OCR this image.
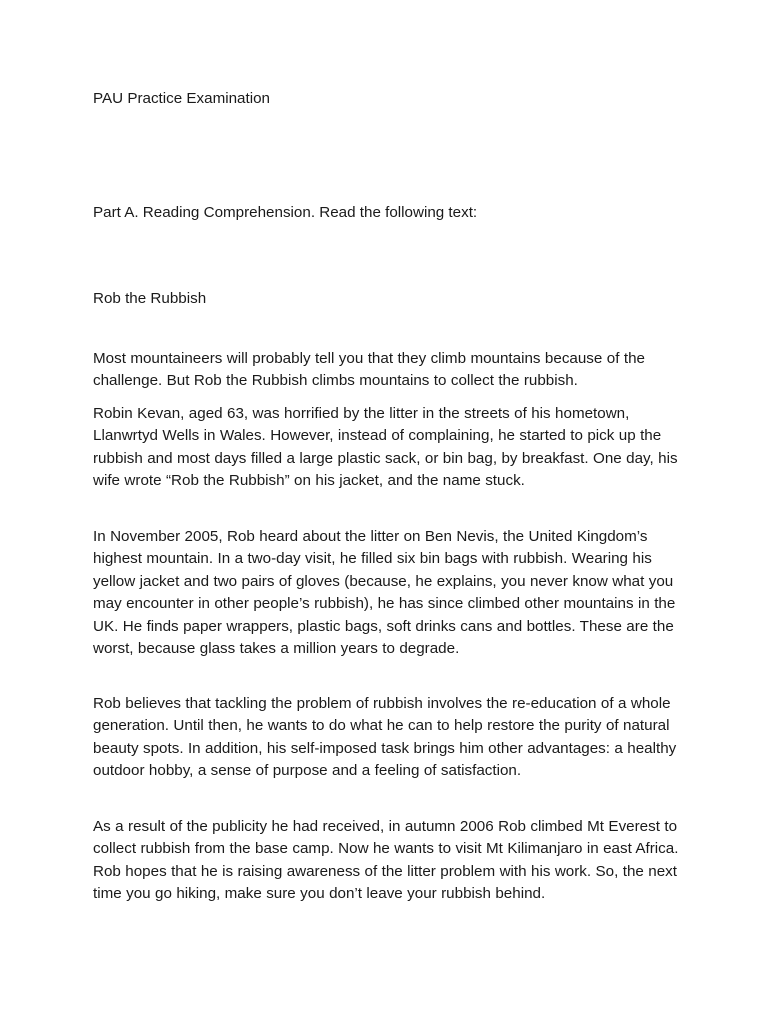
PAU Practice Examination

Part A. Reading Comprehension. Read the following text:

Rob the Rubbish

Most mountaineers will probably tell you that they climb mountains because of the challenge. But Rob the Rubbish climbs mountains to collect the rubbish.

Robin Kevan, aged 63, was horrified by the litter in the streets of his hometown, Llanwrtyd Wells in Wales. However, instead of complaining, he started to pick up the rubbish and most days filled a large plastic sack, or bin bag, by breakfast. One day, his wife wrote “Rob the Rubbish” on his jacket, and the name stuck.

In November 2005, Rob heard about the litter on Ben Nevis, the United Kingdom’s highest mountain. In a two-day visit, he filled six bin bags with rubbish. Wearing his yellow jacket and two pairs of gloves (because, he explains, you never know what you may encounter in other people’s rubbish), he has since climbed other mountains in the UK. He finds paper wrappers, plastic bags, soft drinks cans and bottles. These are the worst, because glass takes a million years to degrade.

Rob believes that tackling the problem of rubbish involves the re-education of a whole generation. Until then, he wants to do what he can to help restore the purity of natural beauty spots. In addition, his self-imposed task brings him other advantages: a healthy outdoor hobby, a sense of purpose and a feeling of satisfaction.

As a result of the publicity he had received, in autumn 2006 Rob climbed Mt Everest to collect rubbish from the base camp. Now he wants to visit Mt Kilimanjaro in east Africa. Rob hopes that he is raising awareness of the litter problem with his work. So, the next time you go hiking, make sure you don’t leave your rubbish behind.
